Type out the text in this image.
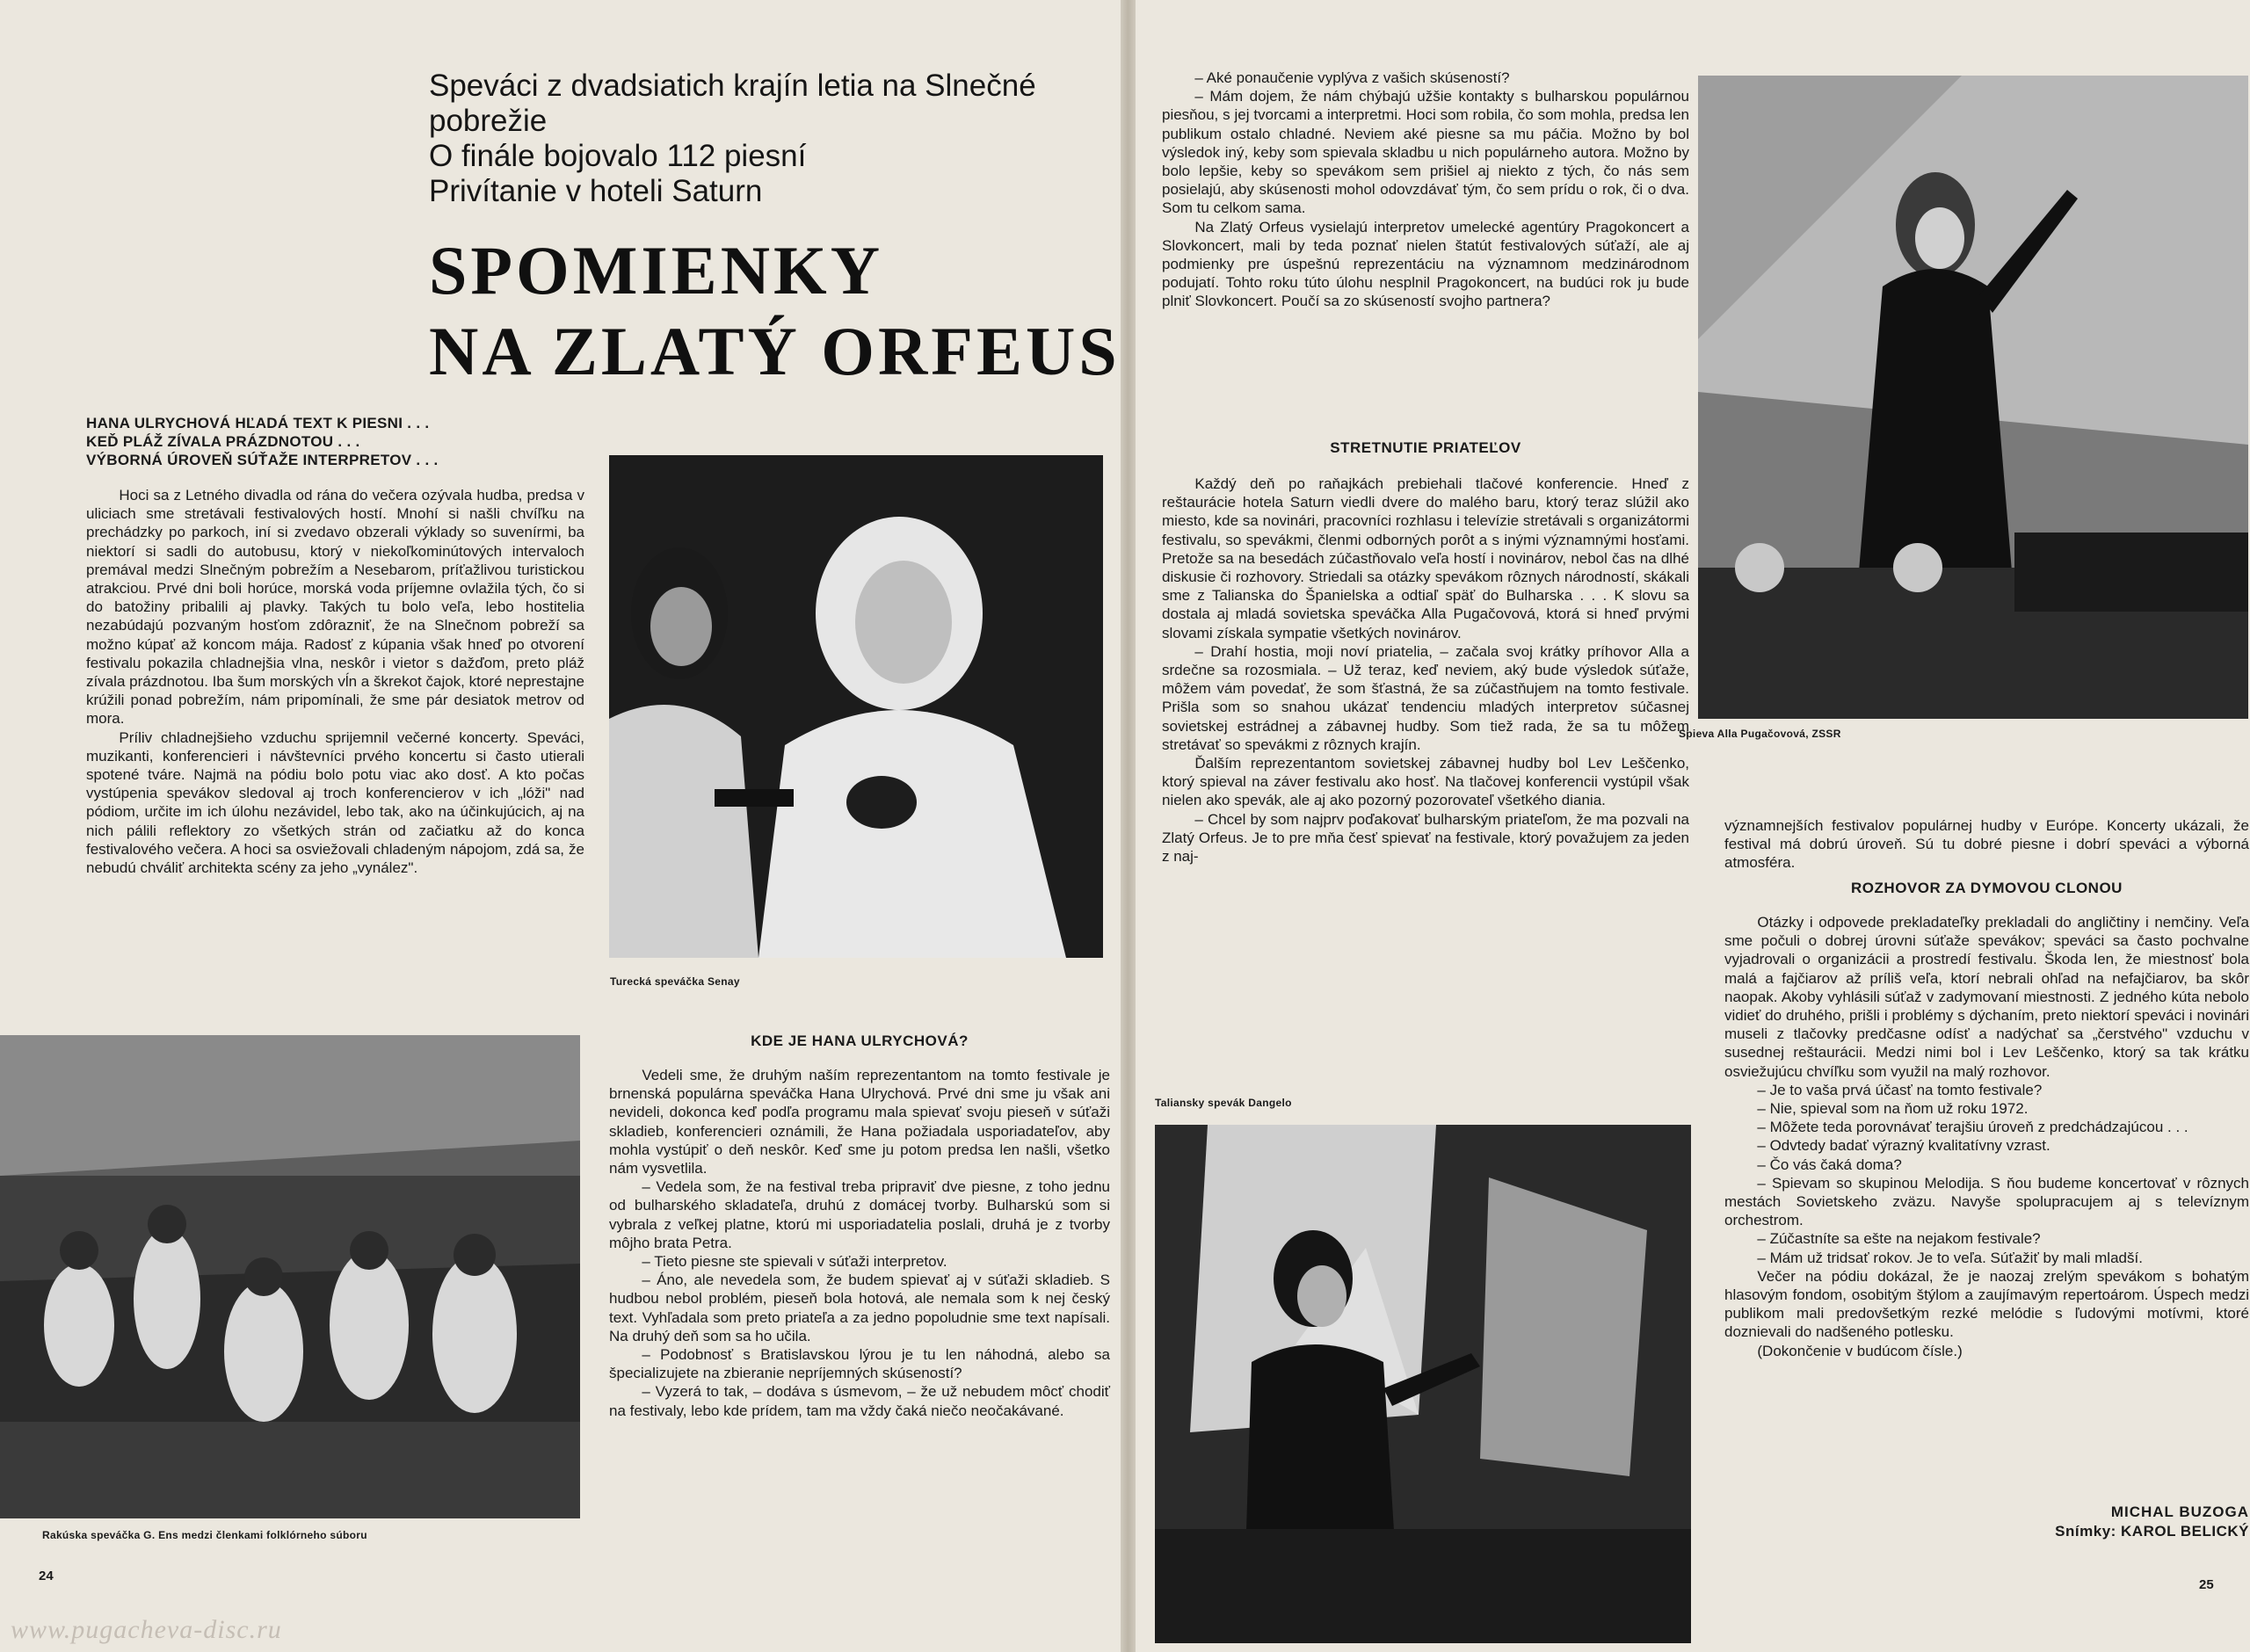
Speváci z dvadsiatich krajín letia na Slnečné
pobrežie
O finále bojovalo 112 piesní
Privítanie v hoteli Saturn
SPOMIENKY
NA ZLATÝ ORFEUS
HANA ULRYCHOVÁ HĽADÁ TEXT K PIESNI . . .
KEĎ PLÁŽ ZÍVALA PRÁZDNOTOU . . .
VÝBORNÁ ÚROVEŇ SÚŤAŽE INTERPRETOV . . .

Hoci sa z Letného divadla od rána do večera ozývala hudba, predsa v uliciach sme stretávali festivalových hostí. Mnohí si našli chvíľku na prechádzky po parkoch, iní si zvedavo obzerali výklady so suvenírmi, ba niektorí si sadli do autobusu, ktorý v niekoľkominútových intervaloch premával medzi Slnečným pobrežím a Nesebarom, príťažlivou turistickou atrakciou. Prvé dni boli horúce, morská voda príjemne ovlažila tých, čo si do batožiny pribalili aj plavky. Takých tu bolo veľa, lebo hostitelia nezabúdajú pozvaným hosťom zdôrazniť, že na Slnečnom pobreží sa možno kúpať až koncom mája. Radosť z kúpania však hneď po otvorení festivalu pokazila chladnejšia vlna, neskôr i vietor s dažďom, preto pláž zívala prázdnotou. Iba šum morských vĺn a škrekot čajok, ktoré neprestajne krúžili ponad pobrežím, nám pripomínali, že sme pár desiatok metrov od mora.

Príliv chladnejšieho vzduchu sprijemnil večerné koncerty. Speváci, muzikanti, konferencieri i návštevníci prvého koncertu si často utierali spotené tváre. Najmä na pódiu bolo potu viac ako dosť. A kto počas vystúpenia spevákov sledoval aj troch konferencierov v ich „lóži" nad pódiom, určite im ich úlohu nezávidel, lebo tak, ako na účinkujúcich, aj na nich pálili reflektory zo všetkých strán od začiatku až do konca festivalového večera. A hoci sa osviežovali chladeným nápojom, zdá sa, že nebudú chváliť architekta scény za jeho „vynález".

Turecká speváčka Senay
Rakúska speváčka G. Ens medzi členkami folklórneho súboru
KDE JE HANA ULRYCHOVÁ?

Vedeli sme, že druhým naším reprezentantom na tomto festivale je brnenská populárna speváčka Hana Ulrychová. Prvé dni sme ju však ani nevideli, dokonca keď podľa programu mala spievať svoju pieseň v súťaži skladieb, konferencieri oznámili, že Hana požiadala usporiadateľov, aby mohla vystúpiť o deň neskôr. Keď sme ju potom predsa len našli, všetko nám vysvetlila.

– Vedela som, že na festival treba pripraviť dve piesne, z toho jednu od bulharského skladateľa, druhú z domácej tvorby. Bulharskú som si vybrala z veľkej platne, ktorú mi usporiadatelia poslali, druhá je z tvorby môjho brata Petra.

– Tieto piesne ste spievali v súťaži interpretov.

– Áno, ale nevedela som, že budem spievať aj v súťaži skladieb. S hudbou nebol problém, pieseň bola hotová, ale nemala som k nej český text. Vyhľadala som preto priateľa a za jedno popoludnie sme text napísali. Na druhý deň som sa ho učila.

– Podobnosť s Bratislavskou lýrou je tu len náhodná, alebo sa špecializujete na zbieranie nepríjemných skúseností?

– Vyzerá to tak, – dodáva s úsmevom, – že už nebudem môcť chodiť na festivaly, lebo kde prídem, tam ma vždy čaká niečo neočakávané.

24
www.pugacheva-disc.ru

– Aké ponaučenie vyplýva z vašich skúseností?

– Mám dojem, že nám chýbajú užšie kontakty s bulharskou populárnou piesňou, s jej tvorcami a interpretmi. Hoci som robila, čo som mohla, predsa len publikum ostalo chladné. Neviem aké piesne sa mu páčia. Možno by bol výsledok iný, keby som spievala skladbu u nich populárneho autora. Možno by bolo lepšie, keby so spevákom sem prišiel aj niekto z tých, čo nás sem posielajú, aby skúsenosti mohol odovzdávať tým, čo sem prídu o rok, či o dva. Som tu celkom sama.

Na Zlatý Orfeus vysielajú interpretov umelecké agentúry Pragokoncert a Slovkoncert, mali by teda poznať nielen štatút festivalových súťaží, ale aj podmienky pre úspešnú reprezentáciu na významnom medzinárodnom podujatí. Tohto roku túto úlohu nesplnil Pragokoncert, na budúci rok ju bude plniť Slovkoncert. Poučí sa zo skúseností svojho partnera?

STRETNUTIE PRIATEĽOV

Každý deň po raňajkách prebiehali tlačové konferencie. Hneď z reštaurácie hotela Saturn viedli dvere do malého baru, ktorý teraz slúžil ako miesto, kde sa novinári, pracovníci rozhlasu i televízie stretávali s organizátormi festivalu, so spevákmi, členmi odborných porôt a s inými významnými hosťami. Pretože sa na besedách zúčastňovalo veľa hostí i novinárov, nebol čas na dlhé diskusie či rozhovory. Striedali sa otázky spevákom rôznych národností, skákali sme z Talianska do Španielska a odtiaľ späť do Bulharska . . . K slovu sa dostala aj mladá sovietska speváčka Alla Pugačovová, ktorá si hneď prvými slovami získala sympatie všetkých novinárov.

– Drahí hostia, moji noví priatelia, – začala svoj krátky príhovor Alla a srdečne sa rozosmiala. – Už teraz, keď neviem, aký bude výsledok súťaže, môžem vám povedať, že som šťastná, že sa zúčastňujem na tomto festivale. Prišla som so snahou ukázať tendenciu mladých interpretov súčasnej sovietskej estrádnej a zábavnej hudby. Som tiež rada, že sa tu môžem stretávať so spevákmi z rôznych krajín.

Ďalším reprezentantom sovietskej zábavnej hudby bol Lev Leščenko, ktorý spieval na záver festivalu ako hosť. Na tlačovej konferencii vystúpil však nielen ako spevák, ale aj ako pozorný pozorovateľ všetkého diania.

– Chcel by som najprv poďakovať bulharským priateľom, že ma pozvali na Zlatý Orfeus. Je to pre mňa česť spievať na festivale, ktorý považujem za jeden z naj-

Taliansky spevák Dangelo
Spieva Alla Pugačovová, ZSSR

významnejších festivalov populárnej hudby v Európe. Koncerty ukázali, že festival má dobrú úroveň. Sú tu dobré piesne i dobrí speváci a výborná atmosféra.

ROZHOVOR ZA DYMOVOU CLONOU

Otázky i odpovede prekladateľky prekladali do angličtiny i nemčiny. Veľa sme počuli o dobrej úrovni súťaže spevákov; speváci sa často pochvalne vyjadrovali o organizácii a prostredí festivalu. Škoda len, že miestnosť bola malá a fajčiarov až príliš veľa, ktorí nebrali ohľad na nefajčiarov, ba skôr naopak. Akoby vyhlásili súťaž v zadymovaní miestnosti. Z jedného kúta nebolo vidieť do druhého, prišli i problémy s dýchaním, preto niektorí speváci i novinári museli z tlačovky predčasne odísť a nadýchať sa „čerstvého" vzduchu v susednej reštaurácii. Medzi nimi bol i Lev Leščenko, ktorý sa tak krátku osviežujúcu chvíľku som využil na malý rozhovor.

– Je to vaša prvá účasť na tomto festivale?

– Nie, spieval som na ňom už roku 1972.

– Môžete teda porovnávať terajšiu úroveň z predchádzajúcou . . .

– Odvtedy badať výrazný kvalitatívny vzrast.

– Čo vás čaká doma?

– Spievam so skupinou Melodija. S ňou budeme koncertovať v rôznych mestách Sovietskeho zväzu. Navyše spolupracujem aj s televíznym orchestrom.

– Zúčastníte sa ešte na nejakom festivale?

– Mám už tridsať rokov. Je to veľa. Súťažiť by mali mladší.

Večer na pódiu dokázal, že je naozaj zrelým spevákom s bohatým hlasovým fondom, osobitým štýlom a zaujímavým repertoárom. Úspech medzi publikom mali predovšetkým rezké melódie s ľudovými motívmi, ktoré doznievali do nadšeného potlesku.

(Dokončenie v budúcom čísle.)

MICHAL BUZOGA
Snímky: KAROL BELICKÝ
25
